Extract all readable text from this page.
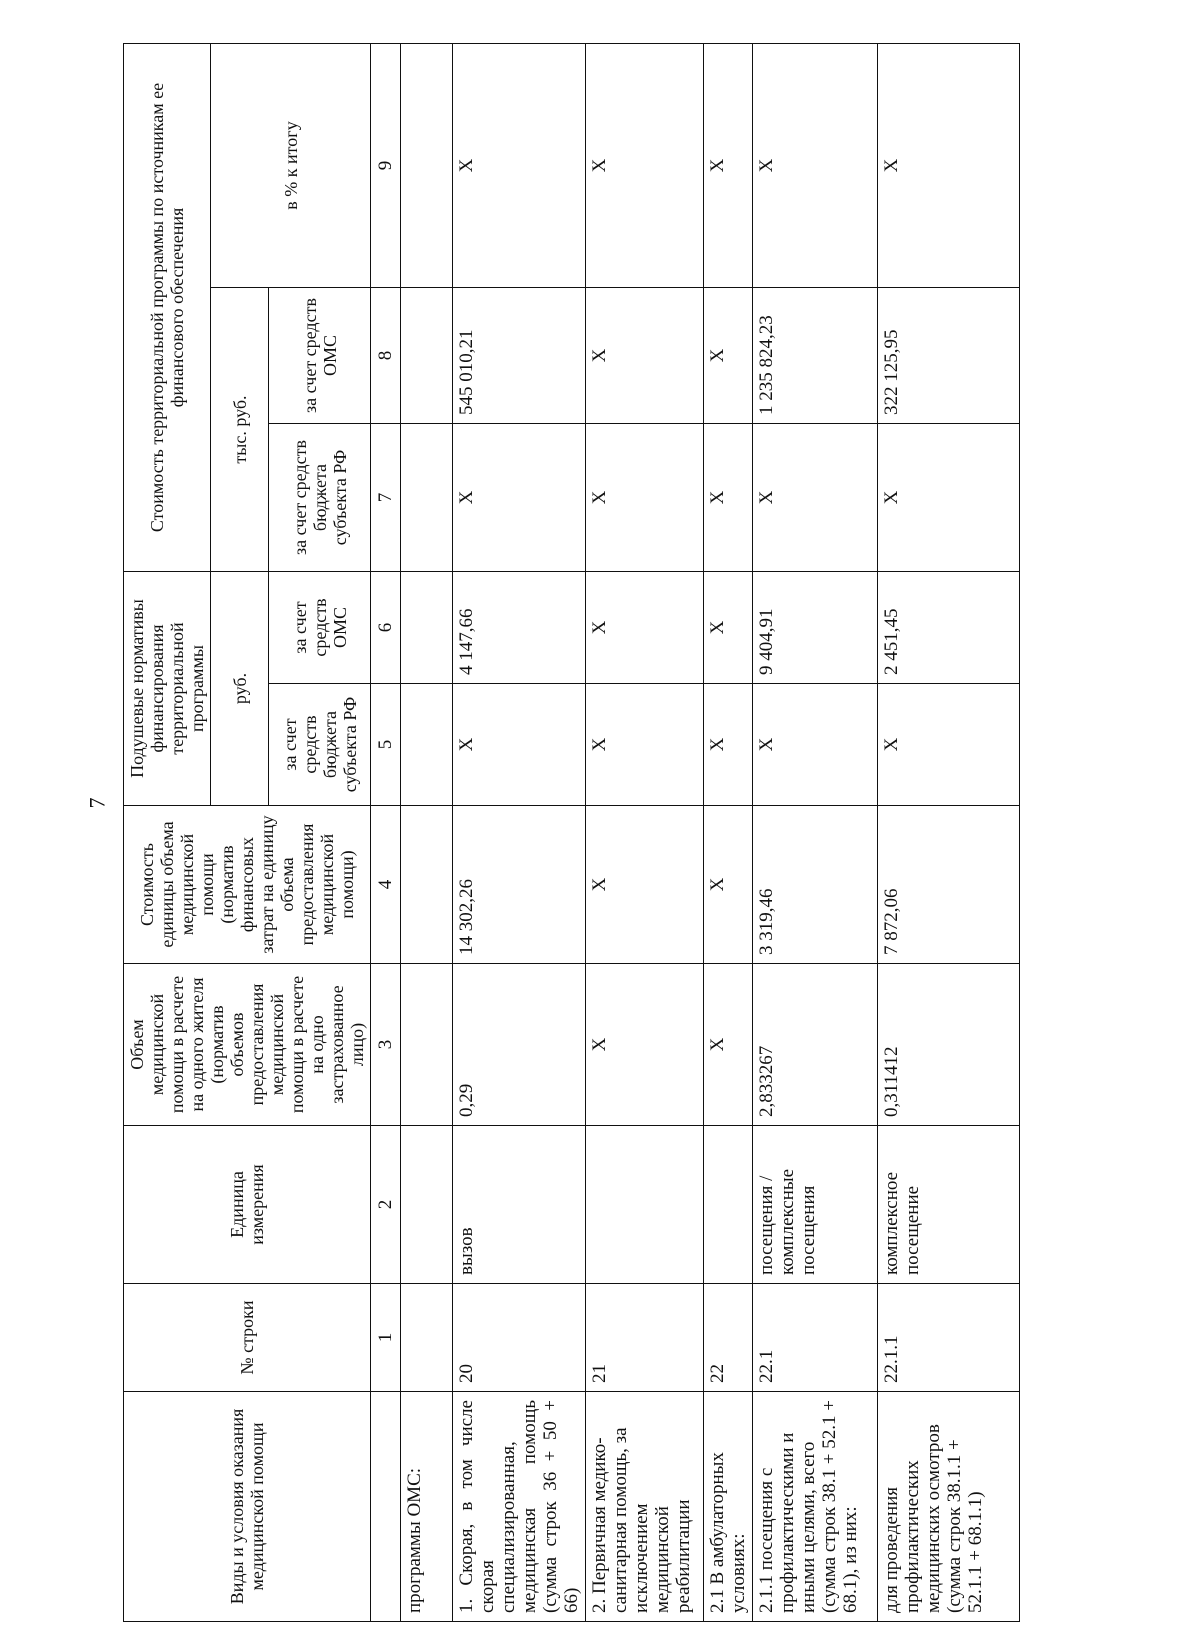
7
Виды и условия оказания медицинской помощи	№ строки	Единица измерения	Объем медицинской помощи в расчете на одного жителя (норматив объемов предоставления медицинской помощи в расчете на одно застрахованное лицо)	Стоимость единицы объема медицинской помощи (норматив финансовых затрат на единицу объема предоставления медицинской помощи)	Подушевые нормативы финансирования территориальной программы		Стоимость территориальной программы по источникам ее финансового обеспечения		
					руб.		тыс. руб.		в % к итогу
					за счет средств бюджета субъекта РФ	за счет средств ОМС	за счет средств бюджета субъекта РФ	за счет средств ОМС	
	1	2	3	4	5	6	7	8	9
программы ОМС:									
1. Скорая, в том числе скорая специализированная, медицинская помощь (сумма строк 36 + 50 + 66)	20	вызов	0,29	14 302,26	X	4 147,66	X	545 010,21	X
2. Первичная медико-санитарная помощь, за исключением медицинской реабилитации	21		X	X	X	X	X	X	X
2.1 В амбулаторных условиях:	22		X	X	X	X	X	X	X
2.1.1 посещения с профилактическими и иными целями, всего (сумма строк 38.1 + 52.1 + 68.1), из них:	22.1	посещения / комплексные посещения	2,833267	3 319,46	X	9 404,91	X	1 235 824,23	X
для проведения профилактических медицинских осмотров (сумма строк 38.1.1 + 52.1.1 + 68.1.1)	22.1.1	комплексное посещение	0,311412	7 872,06	X	2 451,45	X	322 125,95	X
